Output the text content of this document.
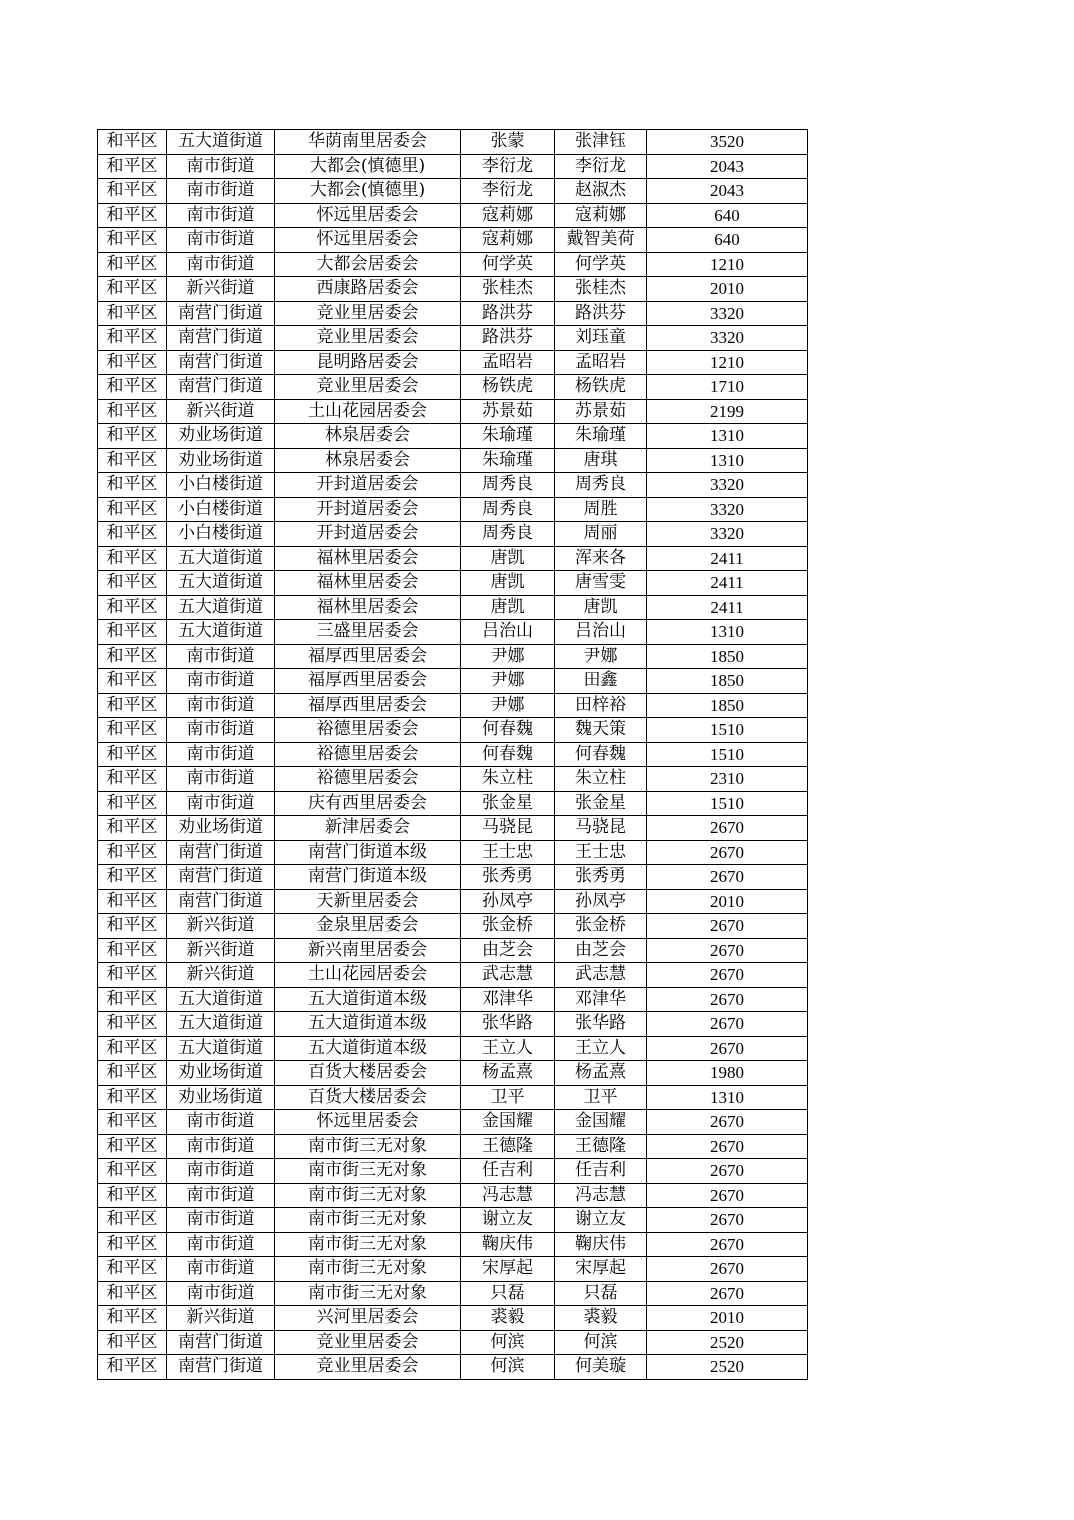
和平区	五大道街道	华荫南里居委会	张蒙	张津钰	3520
和平区	南市街道	大都会(慎德里)	李衍龙	李衍龙	2043
和平区	南市街道	大都会(慎德里)	李衍龙	赵淑杰	2043
和平区	南市街道	怀远里居委会	寇莉娜	寇莉娜	640
和平区	南市街道	怀远里居委会	寇莉娜	戴智美荷	640
和平区	南市街道	大都会居委会	何学英	何学英	1210
和平区	新兴街道	西康路居委会	张桂杰	张桂杰	2010
和平区	南营门街道	竞业里居委会	路洪芬	路洪芬	3320
和平区	南营门街道	竞业里居委会	路洪芬	刘珏童	3320
和平区	南营门街道	昆明路居委会	孟昭岩	孟昭岩	1210
和平区	南营门街道	竞业里居委会	杨铁虎	杨铁虎	1710
和平区	新兴街道	土山花园居委会	苏景茹	苏景茹	2199
和平区	劝业场街道	林泉居委会	朱瑜瑾	朱瑜瑾	1310
和平区	劝业场街道	林泉居委会	朱瑜瑾	唐琪	1310
和平区	小白楼街道	开封道居委会	周秀良	周秀良	3320
和平区	小白楼街道	开封道居委会	周秀良	周胜	3320
和平区	小白楼街道	开封道居委会	周秀良	周丽	3320
和平区	五大道街道	福林里居委会	唐凯	浑来各	2411
和平区	五大道街道	福林里居委会	唐凯	唐雪雯	2411
和平区	五大道街道	福林里居委会	唐凯	唐凯	2411
和平区	五大道街道	三盛里居委会	吕治山	吕治山	1310
和平区	南市街道	福厚西里居委会	尹娜	尹娜	1850
和平区	南市街道	福厚西里居委会	尹娜	田鑫	1850
和平区	南市街道	福厚西里居委会	尹娜	田梓裕	1850
和平区	南市街道	裕德里居委会	何春魏	魏天策	1510
和平区	南市街道	裕德里居委会	何春魏	何春魏	1510
和平区	南市街道	裕德里居委会	朱立柱	朱立柱	2310
和平区	南市街道	庆有西里居委会	张金星	张金星	1510
和平区	劝业场街道	新津居委会	马骁昆	马骁昆	2670
和平区	南营门街道	南营门街道本级	王士忠	王士忠	2670
和平区	南营门街道	南营门街道本级	张秀勇	张秀勇	2670
和平区	南营门街道	天新里居委会	孙凤亭	孙凤亭	2010
和平区	新兴街道	金泉里居委会	张金桥	张金桥	2670
和平区	新兴街道	新兴南里居委会	由芝会	由芝会	2670
和平区	新兴街道	土山花园居委会	武志慧	武志慧	2670
和平区	五大道街道	五大道街道本级	邓津华	邓津华	2670
和平区	五大道街道	五大道街道本级	张华路	张华路	2670
和平区	五大道街道	五大道街道本级	王立人	王立人	2670
和平区	劝业场街道	百货大楼居委会	杨孟熹	杨孟熹	1980
和平区	劝业场街道	百货大楼居委会	卫平	卫平	1310
和平区	南市街道	怀远里居委会	金国耀	金国耀	2670
和平区	南市街道	南市街三无对象	王德隆	王德隆	2670
和平区	南市街道	南市街三无对象	任吉利	任吉利	2670
和平区	南市街道	南市街三无对象	冯志慧	冯志慧	2670
和平区	南市街道	南市街三无对象	谢立友	谢立友	2670
和平区	南市街道	南市街三无对象	鞠庆伟	鞠庆伟	2670
和平区	南市街道	南市街三无对象	宋厚起	宋厚起	2670
和平区	南市街道	南市街三无对象	只磊	只磊	2670
和平区	新兴街道	兴河里居委会	裘毅	裘毅	2010
和平区	南营门街道	竞业里居委会	何滨	何滨	2520
和平区	南营门街道	竞业里居委会	何滨	何美璇	2520
